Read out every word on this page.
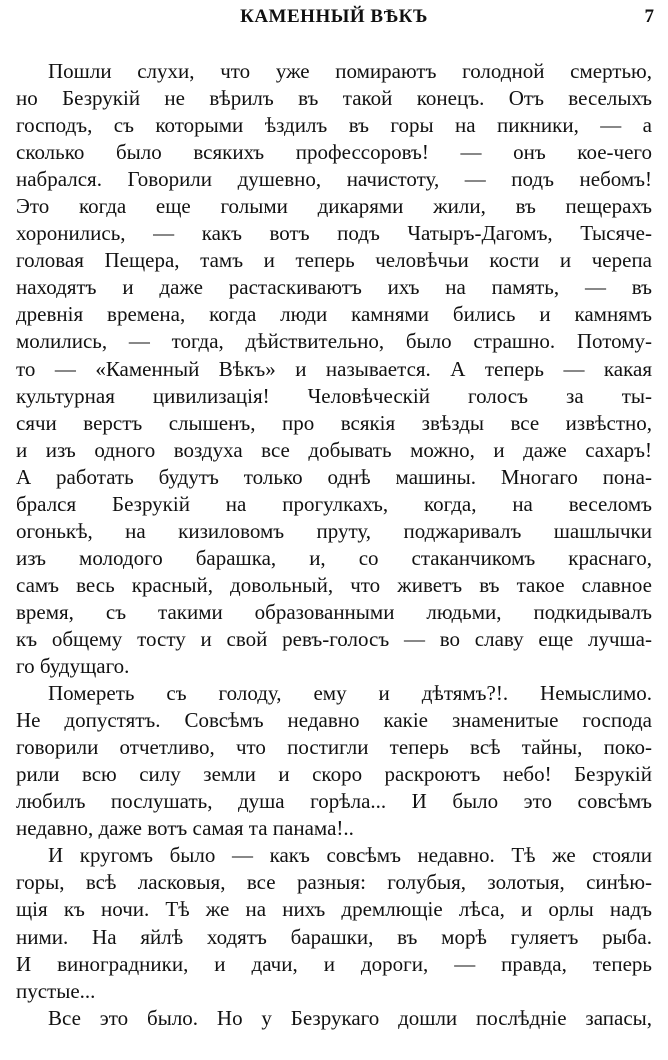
КАМЕННЫЙ ВѢКЪ	7
Пошли слухи, что уже помираютъ голодной смертью,
но Безрукій не вѣрилъ въ такой конецъ. Отъ веселыхъ
господъ, съ которыми ѣздилъ въ горы на пикники, — а
сколько было всякихъ профессоровъ! — онъ кое-чего
набрался. Говорили душевно, начистоту, — подъ небомъ!
Это когда еще голыми дикарями жили, въ пещерахъ
хоронились, — какъ вотъ подъ Чатыръ-Дагомъ, Тысяче-
головая Пещера, тамъ и теперь человѣчьи кости и черепа
находятъ и даже растаскиваютъ ихъ на память, — въ
древнія времена, когда люди камнями бились и камнямъ
молились, — тогда, дѣйствительно, было страшно. Потому-
то — «Каменный Вѣкъ» и называется. А теперь — какая
культурная цивилизація! Человѣческій голосъ за ты-
сячи верстъ слышенъ, про всякія звѣзды все извѣстно,
и изъ одного воздуха все добывать можно, и даже сахаръ!
А работать будутъ только однѣ машины. Многаго пона-
брался Безрукій на прогулкахъ, когда, на веселомъ
огонькѣ, на кизиловомъ пруту, поджаривалъ шашлычки
изъ молодого барашка, и, со стаканчикомъ краснаго,
самъ весь красный, довольный, что живетъ въ такое славное
время, съ такими образованными людьми, подкидывалъ
къ общему тосту и свой ревъ-голосъ — во славу еще лучша-
го будущаго.
Помереть съ голоду, ему и дѣтямъ?!. Немыслимо.
Не допустятъ. Совсѣмъ недавно какіе знаменитые господа
говорили отчетливо, что постигли теперь всѣ тайны, поко-
рили всю силу земли и скоро раскроютъ небо! Безрукій
любилъ послушать, душа горѣла... И было это совсѣмъ
недавно, даже вотъ самая та панама!..
И кругомъ было — какъ совсѣмъ недавно. Тѣ же стояли
горы, всѣ ласковыя, все разныя: голубыя, золотыя, синѣю-
щія къ ночи. Тѣ же на нихъ дремлющіе лѣса, и орлы надъ
ними. На яйлѣ ходятъ барашки, въ морѣ гуляетъ рыба.
И виноградники, и дачи, и дороги, — правда, теперь
пустые...
Все это было. Но у Безрукаго дошли послѣдніе запасы,
